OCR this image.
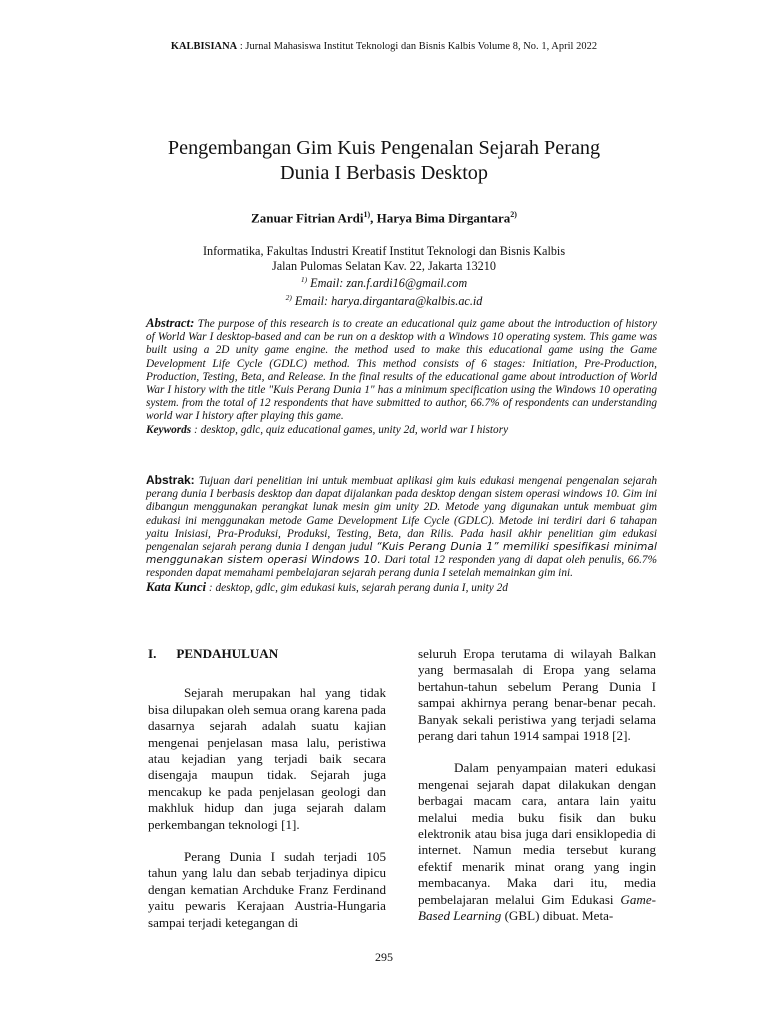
KALBISIANA : Jurnal Mahasiswa Institut Teknologi dan Bisnis Kalbis Volume 8, No. 1, April 2022
Pengembangan Gim Kuis Pengenalan Sejarah Perang
Dunia I Berbasis Desktop
Zanuar Fitrian Ardi$^{1)}$, Harya Bima Dirgantara$^{2)}$
Informatika, Fakultas Industri Kreatif Institut Teknologi dan Bisnis Kalbis
Jalan Pulomas Selatan Kav. 22, Jakarta 13210
$^{1)}$ Email: zan.f.ardi16@gmail.com
$^{2)}$ Email: harya.dirgantara@kalbis.ac.id
Abstract: The purpose of this research is to create an educational quiz game about the introduction of history of World War I desktop-based and can be run on a desktop with a Windows 10 operating system. This game was built using a 2D unity game engine. the method used to make this educational game using the Game Development Life Cycle (GDLC) method. This method consists of 6 stages: Initiation, Pre-Production, Production, Testing, Beta, and Release. In the final results of the educational game about introduction of World War I history with the title "Kuis Perang Dunia 1" has a minimum specification using the Windows 10 operating system. from the total of 12 respondents that have submitted to author, 66.7% of respondents can understanding world war I history after playing this game.
Keywords : desktop, gdlc, quiz educational games, unity 2d, world war I history
Abstrak: Tujuan dari penelitian ini untuk membuat aplikasi gim kuis edukasi mengenai pengenalan sejarah perang dunia I berbasis desktop dan dapat dijalankan pada desktop dengan sistem operasi windows 10. Gim ini dibangun menggunakan perangkat lunak mesin gim unity 2D. Metode yang digunakan untuk membuat gim edukasi ini menggunakan metode Game Development Life Cycle (GDLC). Metode ini terdiri dari 6 tahapan yaitu Inisiasi, Pra-Produksi, Produksi, Testing, Beta, dan Rilis. Pada hasil akhir penelitian gim edukasi pengenalan sejarah perang dunia I dengan judul “Kuis Perang Dunia 1” memiliki spesifikasi minimal menggunakan sistem operasi Windows 10. Dari total 12 responden yang di dapat oleh penulis, 66.7% responden dapat memahami pembelajaran sejarah perang dunia I setelah memainkan gim ini.
Kata Kunci : desktop, gdlc, gim edukasi kuis, sejarah perang dunia I, unity 2d
I. PENDAHULUAN

Sejarah merupakan hal yang tidak bisa dilupakan oleh semua orang karena pada dasarnya sejarah adalah suatu kajian mengenai penjelasan masa lalu, peristiwa atau kejadian yang terjadi baik secara disengaja maupun tidak. Sejarah juga mencakup ke pada penjelasan geologi dan makhluk hidup dan juga sejarah dalam perkembangan teknologi [1].

Perang Dunia I sudah terjadi 105 tahun yang lalu dan sebab terjadinya dipicu dengan kematian Archduke Franz Ferdinand yaitu pewaris Kerajaan Austria-Hungaria sampai terjadi ketegangan di

seluruh Eropa terutama di wilayah Balkan yang bermasalah di Eropa yang selama bertahun-tahun sebelum Perang Dunia I sampai akhirnya perang benar-benar pecah. Banyak sekali peristiwa yang terjadi selama perang dari tahun 1914 sampai 1918 [2].

Dalam penyampaian materi edukasi mengenai sejarah dapat dilakukan dengan berbagai macam cara, antara lain yaitu melalui media buku fisik dan buku elektronik atau bisa juga dari ensiklopedia di internet. Namun media tersebut kurang efektif menarik minat orang yang ingin membacanya. Maka dari itu, media pembelajaran melalui Gim Edukasi Game-Based Learning (GBL) dibuat. Meta-

295
